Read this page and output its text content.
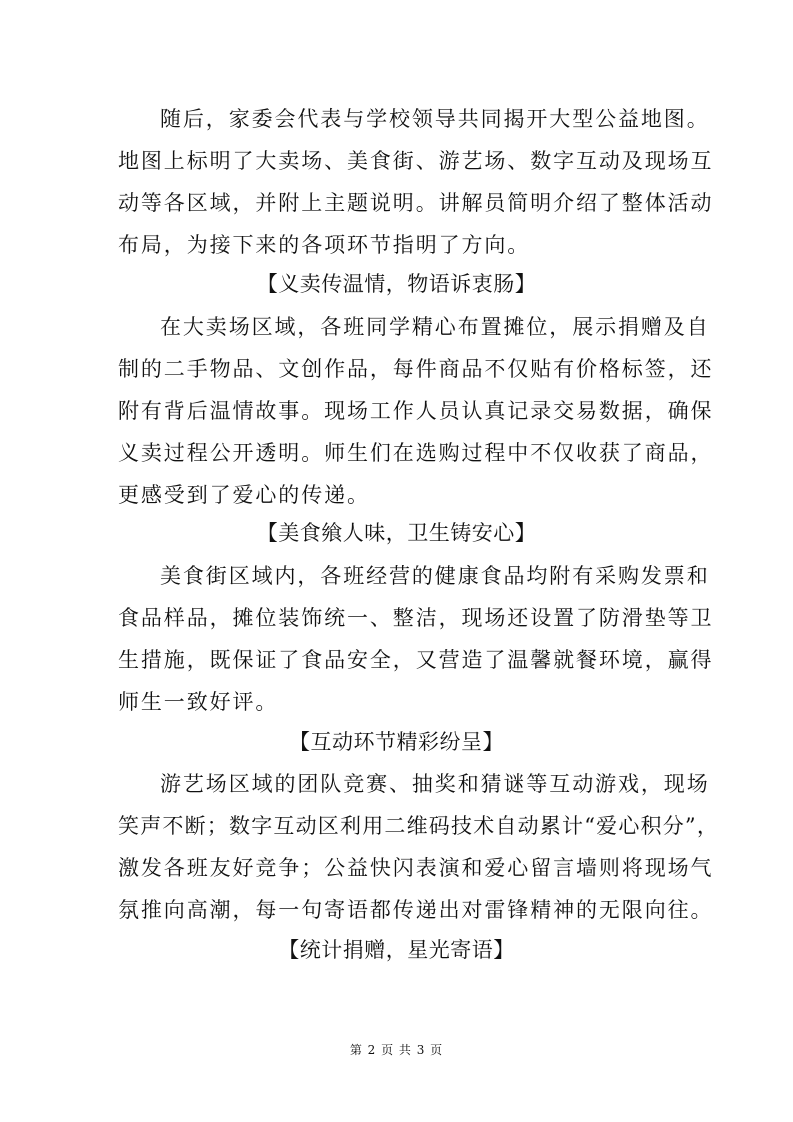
随后，家委会代表与学校领导共同揭开大型公益地图。
地图上标明了大卖场、美食街、游艺场、数字互动及现场互
动等各区域，并附上主题说明。讲解员简明介绍了整体活动
布局，为接下来的各项环节指明了方向。
【义卖传温情，物语诉衷肠】
在大卖场区域，各班同学精心布置摊位，展示捐赠及自
制的二手物品、文创作品，每件商品不仅贴有价格标签，还
附有背后温情故事。现场工作人员认真记录交易数据，确保
义卖过程公开透明。师生们在选购过程中不仅收获了商品，
更感受到了爱心的传递。
【美食飨人味，卫生铸安心】
美食街区域内，各班经营的健康食品均附有采购发票和
食品样品，摊位装饰统一、整洁，现场还设置了防滑垫等卫
生措施，既保证了食品安全，又营造了温馨就餐环境，赢得
师生一致好评。
【互动环节精彩纷呈】
游艺场区域的团队竞赛、抽奖和猜谜等互动游戏，现场
笑声不断；数字互动区利用二维码技术自动累计“爱心积分”，
激发各班友好竞争；公益快闪表演和爱心留言墙则将现场气
氛推向高潮，每一句寄语都传递出对雷锋精神的无限向往。
【统计捐赠，星光寄语】
第 2 页 共 3 页
